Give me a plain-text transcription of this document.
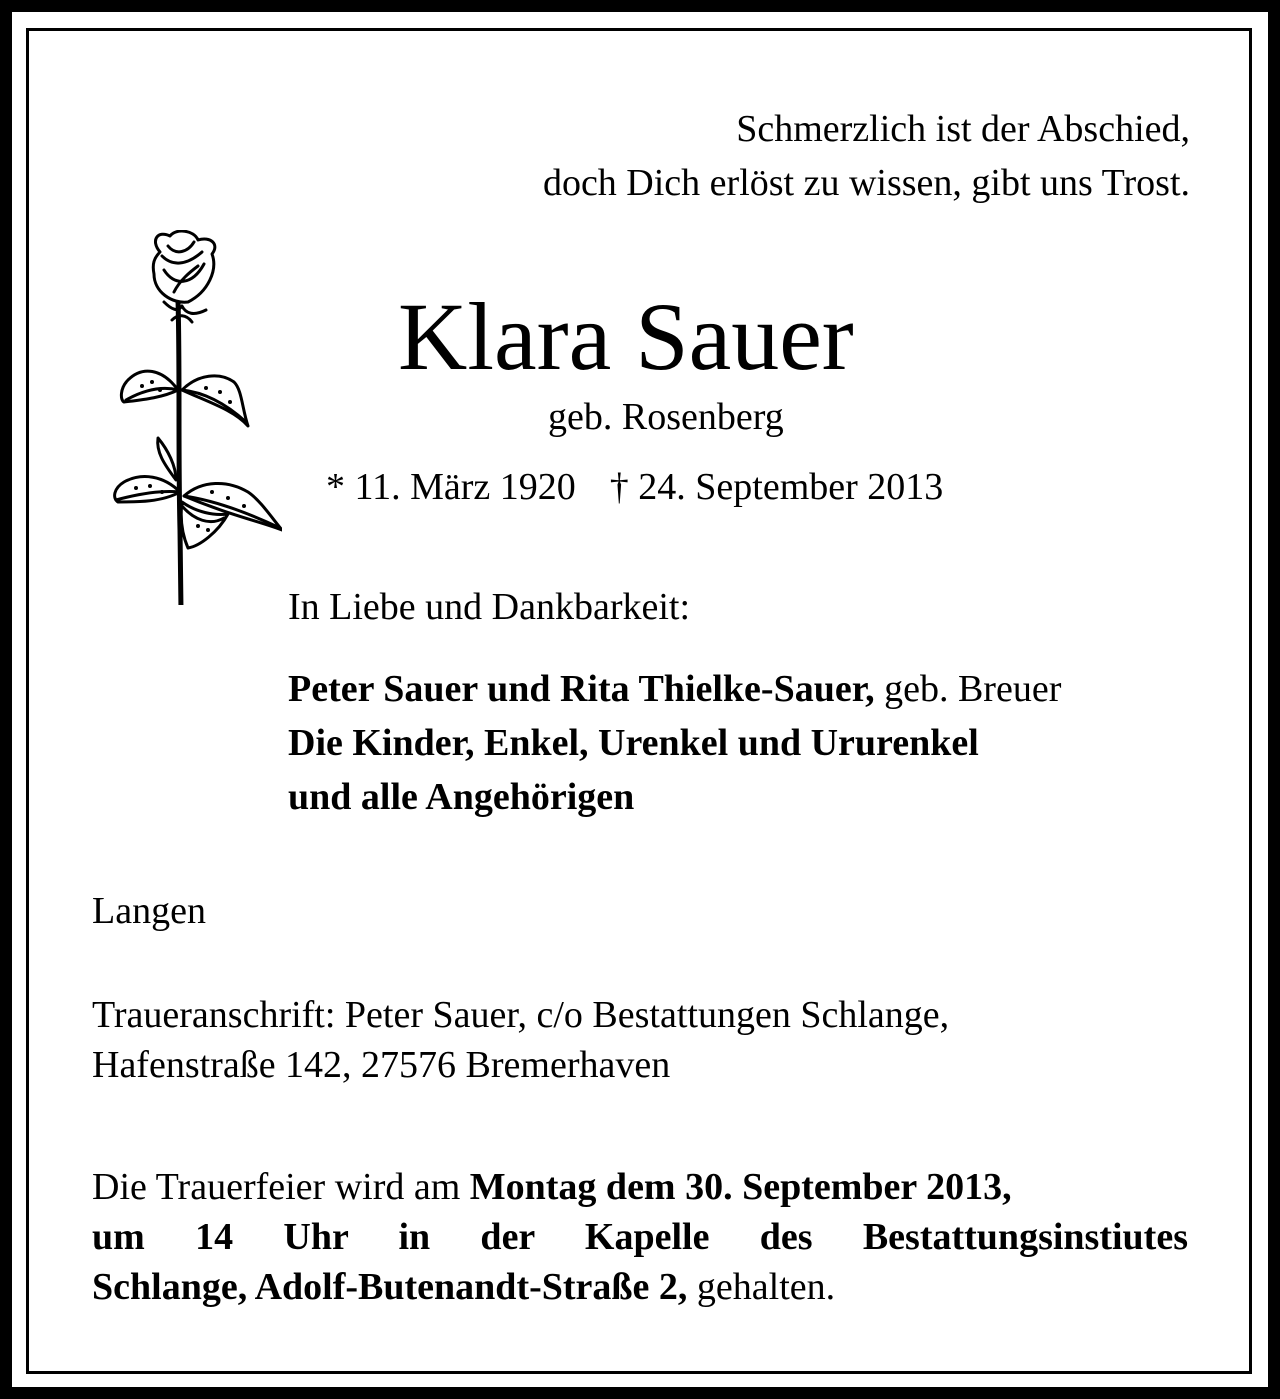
Schmerzlich ist der Abschied,
doch Dich erlöst zu wissen, gibt uns Trost.
Klara Sauer
geb. Rosenberg
* 11. März 1920 † 24. September 2013
In Liebe und Dankbarkeit:
Peter Sauer und Rita Thielke-Sauer, geb. Breuer
Die Kinder, Enkel, Urenkel und Ururenkel
und alle Angehörigen
Langen
Traueranschrift: Peter Sauer, c/o Bestattungen Schlange,
Hafenstraße 142, 27576 Bremerhaven
Die Trauerfeier wird am Montag dem 30. September 2013,
um 14 Uhr in der Kapelle des Bestattungsinstiutes
Schlange, Adolf-Butenandt-Straße 2, gehalten.
